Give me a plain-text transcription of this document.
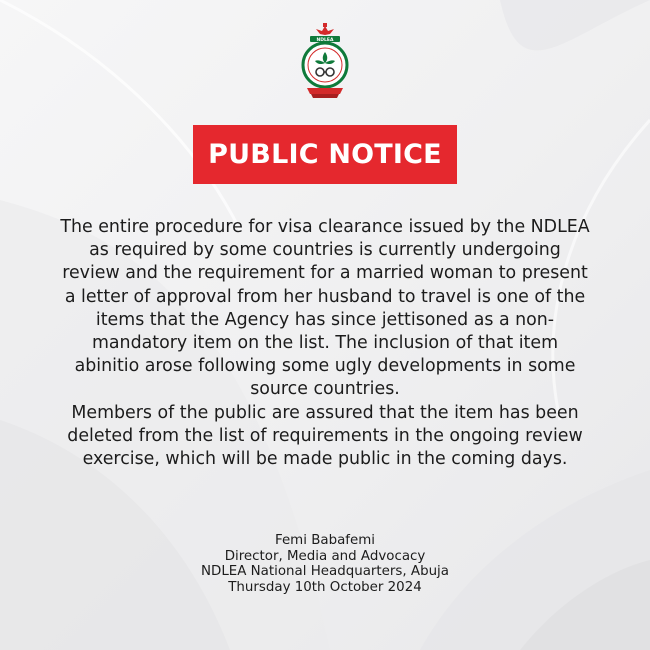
NDLEA
PUBLIC NOTICE

The entire procedure for visa clearance issued by the NDLEA as required by some countries is currently undergoing review and the requirement for a married woman to present a letter of approval from her husband to travel is one of the items that the Agency has since jettisoned as a non-mandatory item on the list. The inclusion of that item abinitio arose following some ugly developments in some source countries.

Members of the public are assured that the item has been deleted from the list of requirements in the ongoing review exercise, which will be made public in the coming days.

Femi Babafemi
Director, Media and Advocacy
NDLEA National Headquarters, Abuja
Thursday 10th October 2024
